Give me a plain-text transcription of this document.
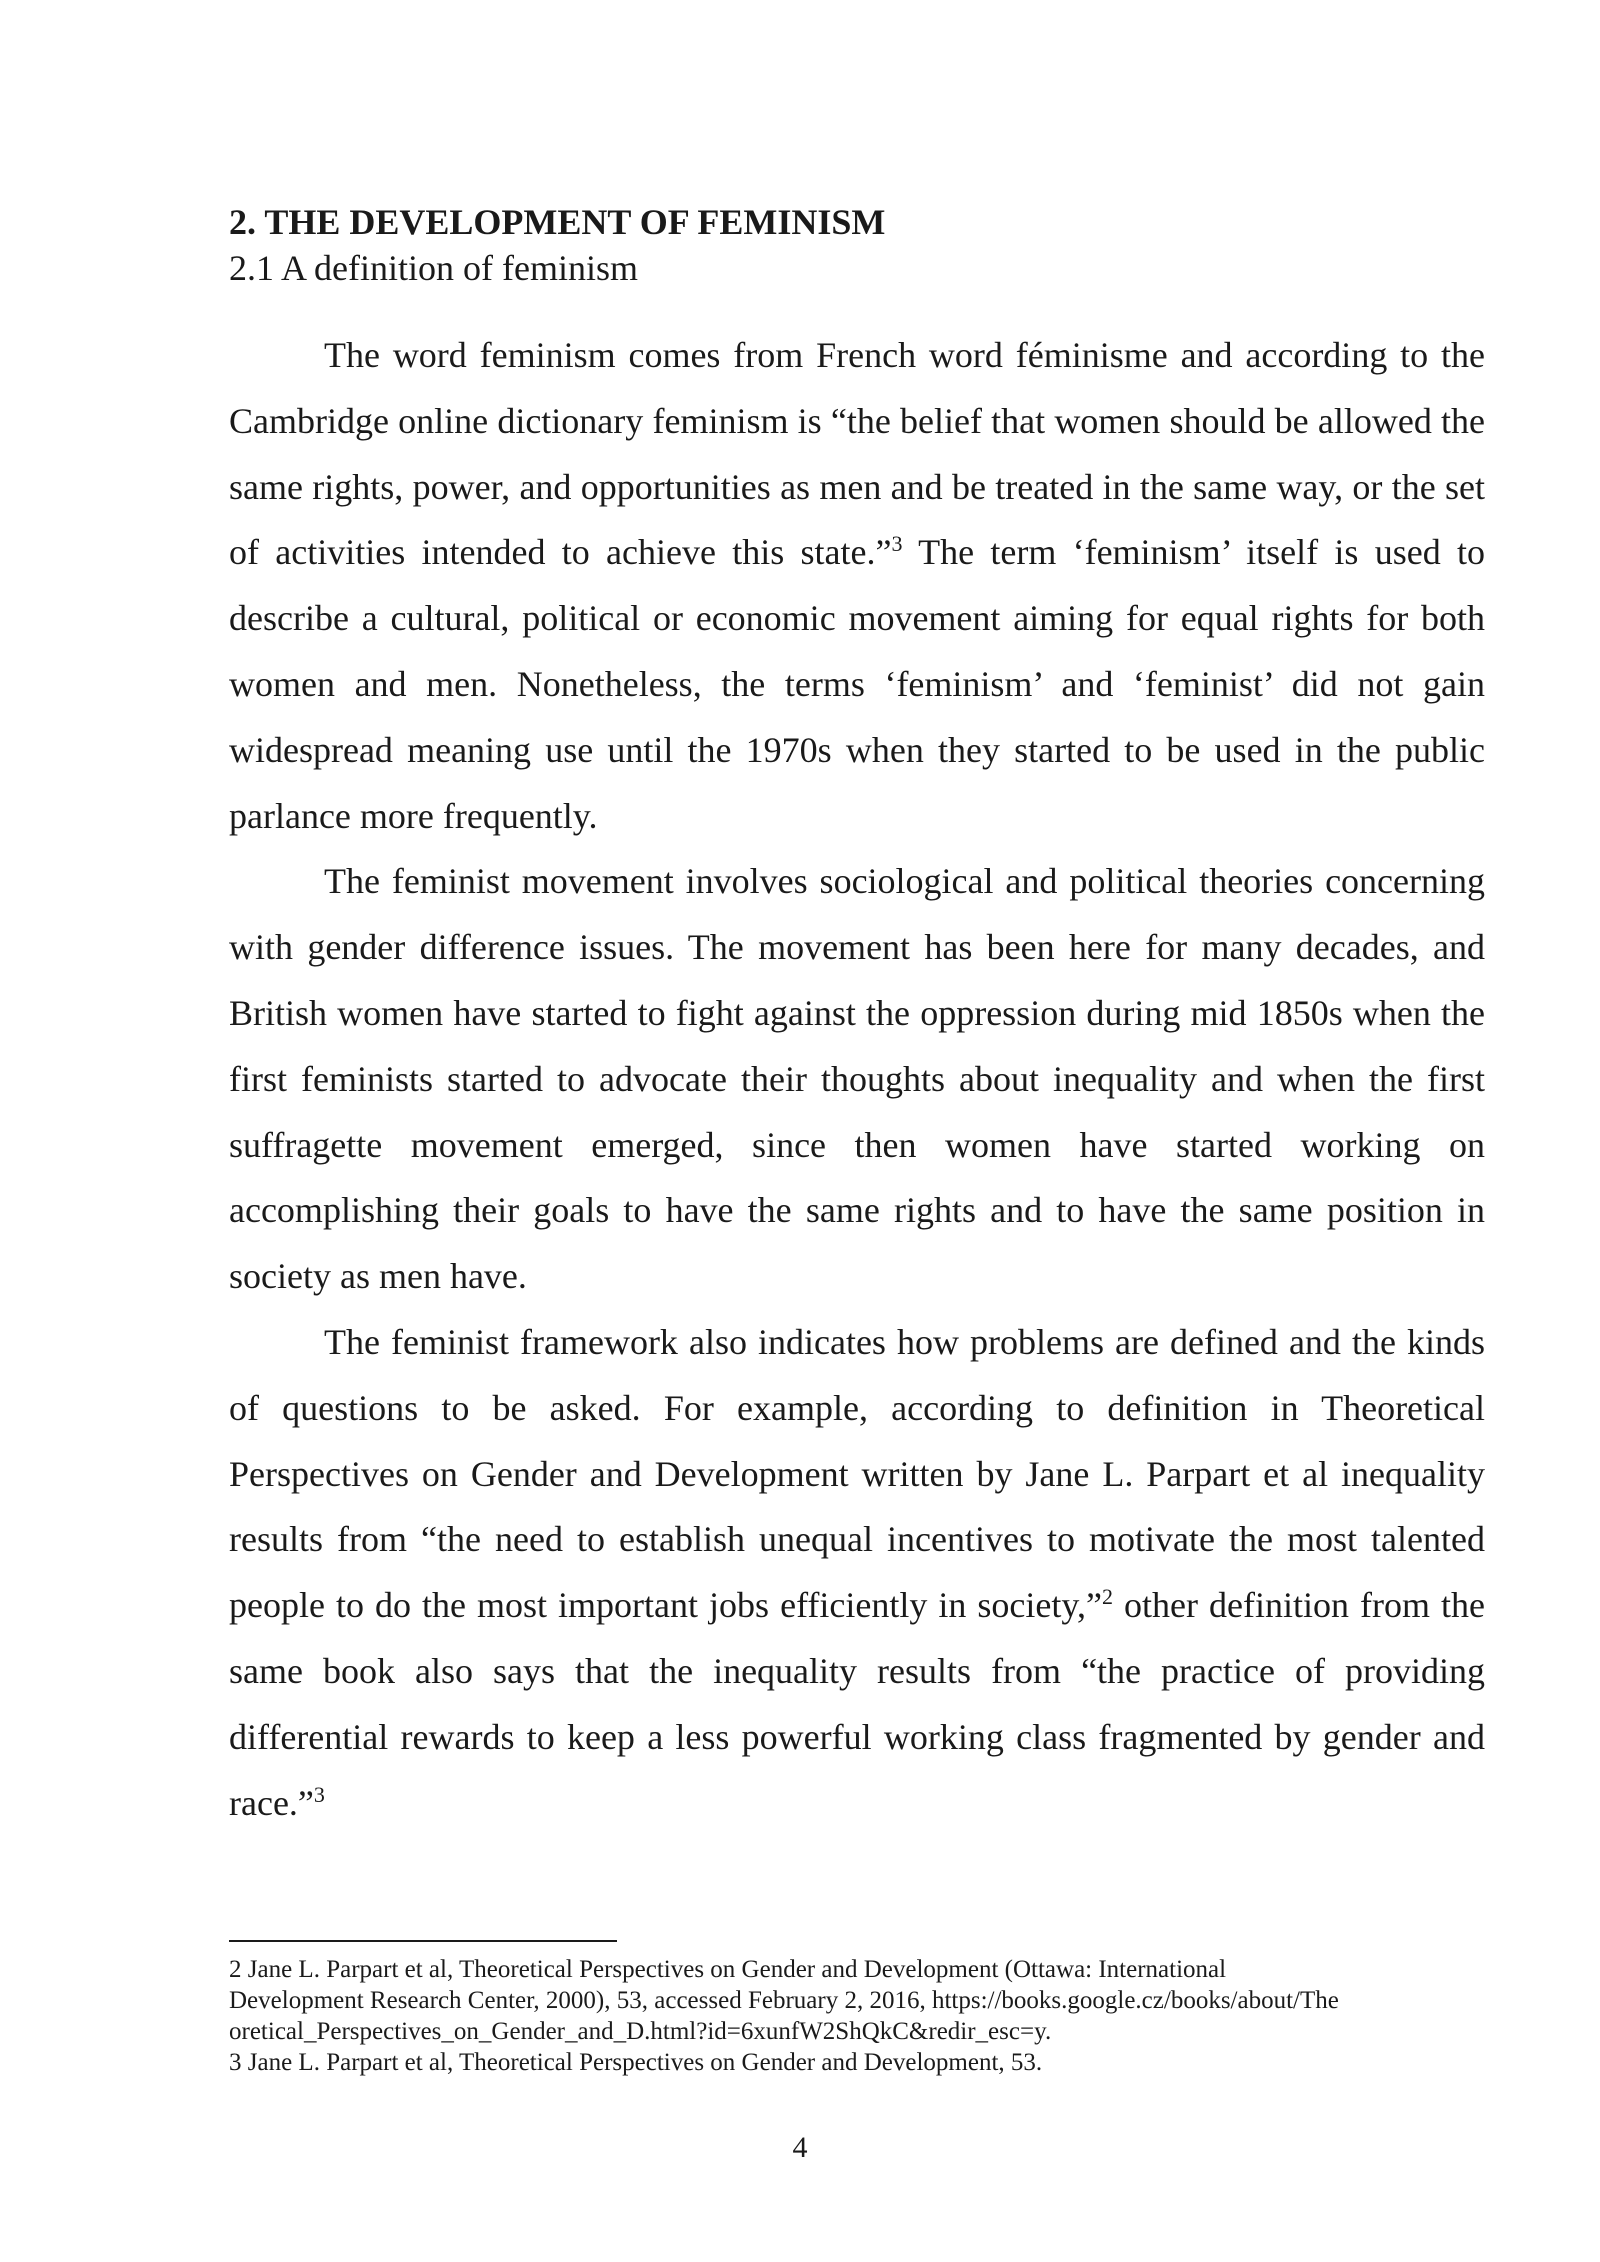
2. THE DEVELOPMENT OF FEMINISM
2.1 A definition of feminism

The word feminism comes from French word féminisme and according to the Cambridge online dictionary feminism is “the belief that women should be allowed the same rights, power, and opportunities as men and be treated in the same way, or the set of activities intended to achieve this state.”$^3$ The term ‘feminism’ itself is used to describe a cultural, political or economic movement aiming for equal rights for both women and men. Nonetheless, the terms ‘feminism’ and ‘feminist’ did not gain widespread meaning use until the 1970s when they started to be used in the public parlance more frequently.

The feminist movement involves sociological and political theories concerning with gender difference issues. The movement has been here for many decades, and British women have started to fight against the oppression during mid 1850s when the first feminists started to advocate their thoughts about inequality and when the first suffragette movement emerged, since then women have started working on accomplishing their goals to have the same rights and to have the same position in society as men have.

The feminist framework also indicates how problems are defined and the kinds of questions to be asked. For example, according to definition in Theoretical Perspectives on Gender and Development written by Jane L. Parpart et al inequality results from “the need to establish unequal incentives to motivate the most talented people to do the most important jobs efficiently in society,”$^2$ other definition from the same book also says that the inequality results from “the practice of providing differential rewards to keep a less powerful working class fragmented by gender and race.”$^3$

2 Jane L. Parpart et al, Theoretical Perspectives on Gender and Development (Ottawa: International Development Research Center, 2000), 53, accessed February 2, 2016, https://books.google.cz/books/about/Theoretical_Perspectives_on_Gender_and_D.html?id=6xunfW2ShQkC&redir_esc=y.

3 Jane L. Parpart et al, Theoretical Perspectives on Gender and Development, 53.

4
